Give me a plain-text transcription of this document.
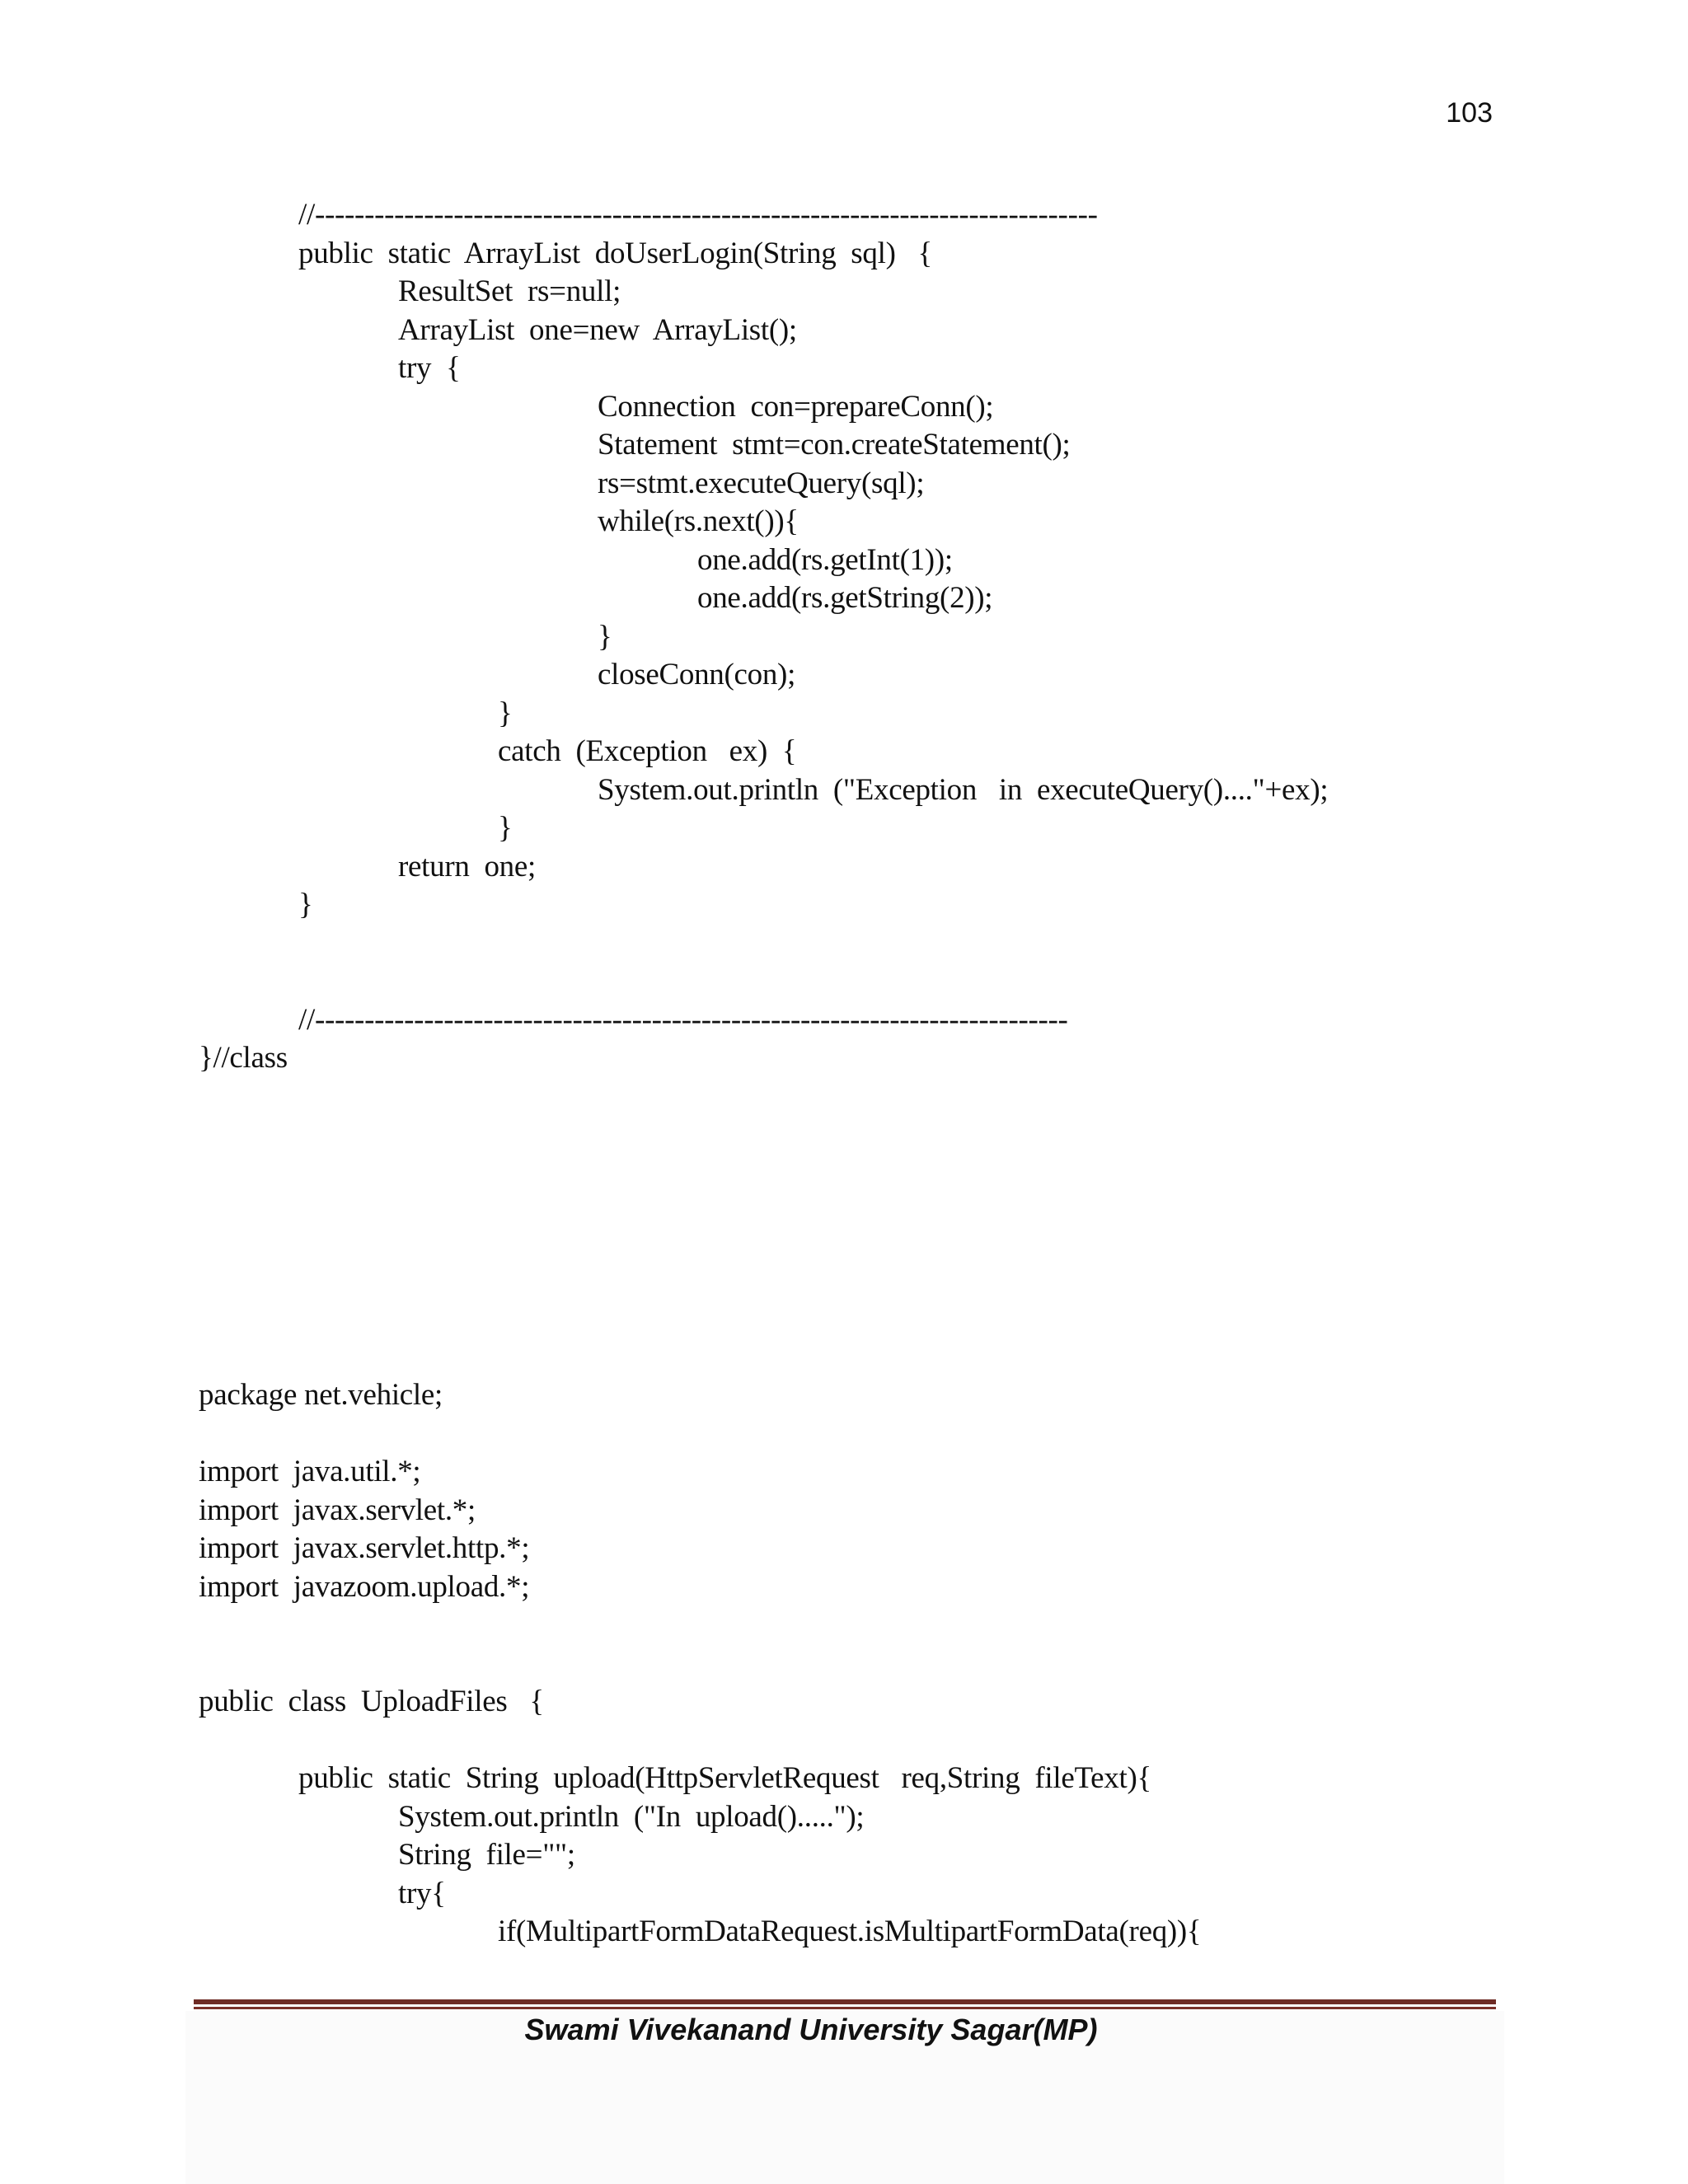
103
//-------------------------------------------------------------------------------
public  static  ArrayList  doUserLogin(String  sql)   {
ResultSet  rs=null;
ArrayList  one=new  ArrayList();
try  {
Connection  con=prepareConn();
Statement  stmt=con.createStatement();
rs=stmt.executeQuery(sql);
while(rs.next()){
one.add(rs.getInt(1));
one.add(rs.getString(2));
}
closeConn(con);
}
catch  (Exception   ex)  {
System.out.println  ("Exception   in  executeQuery()...."+ex);
}
return  one;
}
//----------------------------------------------------------------------------
}//class
package net.vehicle;
import  java.util.*;
import  javax.servlet.*;
import  javax.servlet.http.*;
import  javazoom.upload.*;
public  class  UploadFiles   {
public  static  String  upload(HttpServletRequest   req,String  fileText){
System.out.println  ("In  upload().....");
String  file="";
try{
if(MultipartFormDataRequest.isMultipartFormData(req)){
Swami Vivekanand University Sagar(MP)
